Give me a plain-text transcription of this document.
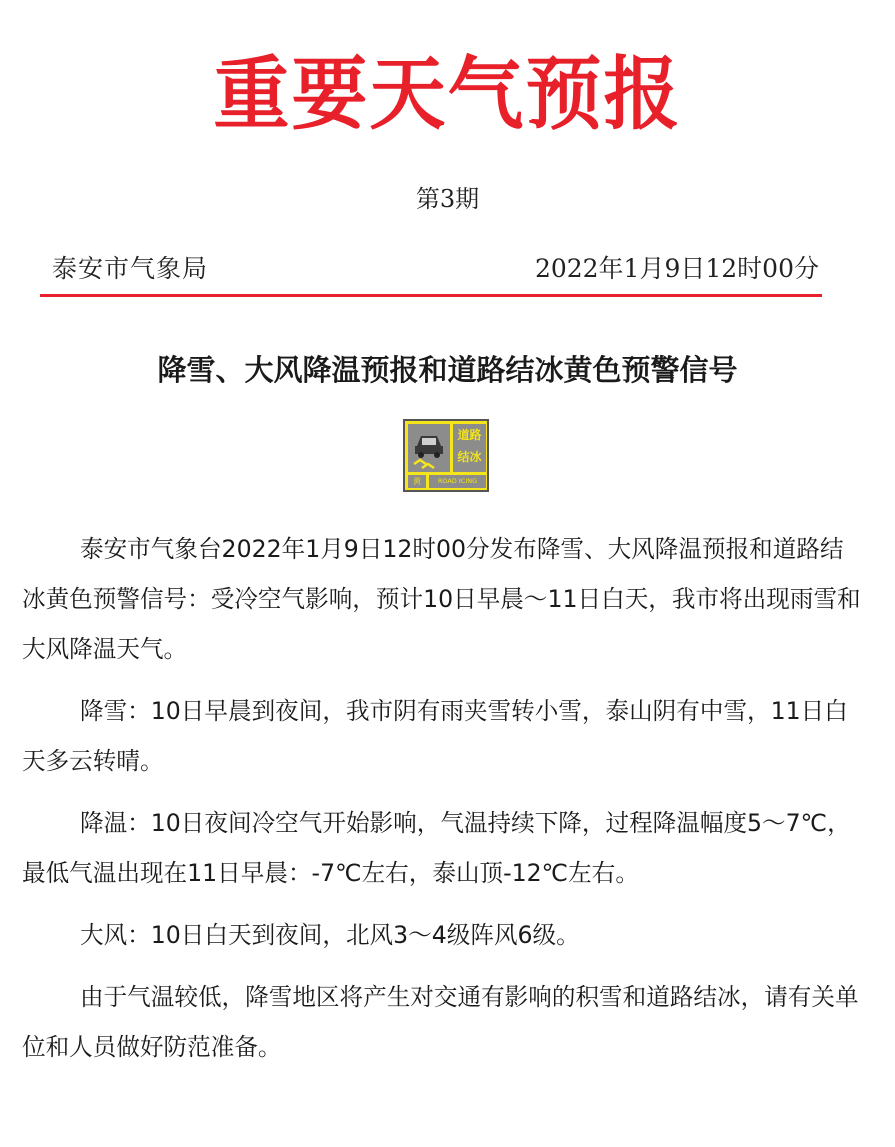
重要天气预报
第3期
泰安市气象局	2022年1月9日12时00分
降雪、大风降温预报和道路结冰黄色预警信号
道路
结冰
黄	ROAD ICING

泰安市气象台2022年1月9日12时00分发布降雪、大风降温预报和道路结冰黄色预警信号：受冷空气影响，预计10日早晨～11日白天，我市将出现雨雪和大风降温天气。

降雪：10日早晨到夜间，我市阴有雨夹雪转小雪，泰山阴有中雪，11日白天多云转晴。

降温：10日夜间冷空气开始影响，气温持续下降，过程降温幅度5～7℃，最低气温出现在11日早晨：-7℃左右，泰山顶-12℃左右。

大风：10日白天到夜间，北风3～4级阵风6级。

由于气温较低，降雪地区将产生对交通有影响的积雪和道路结冰，请有关单位和人员做好防范准备。
